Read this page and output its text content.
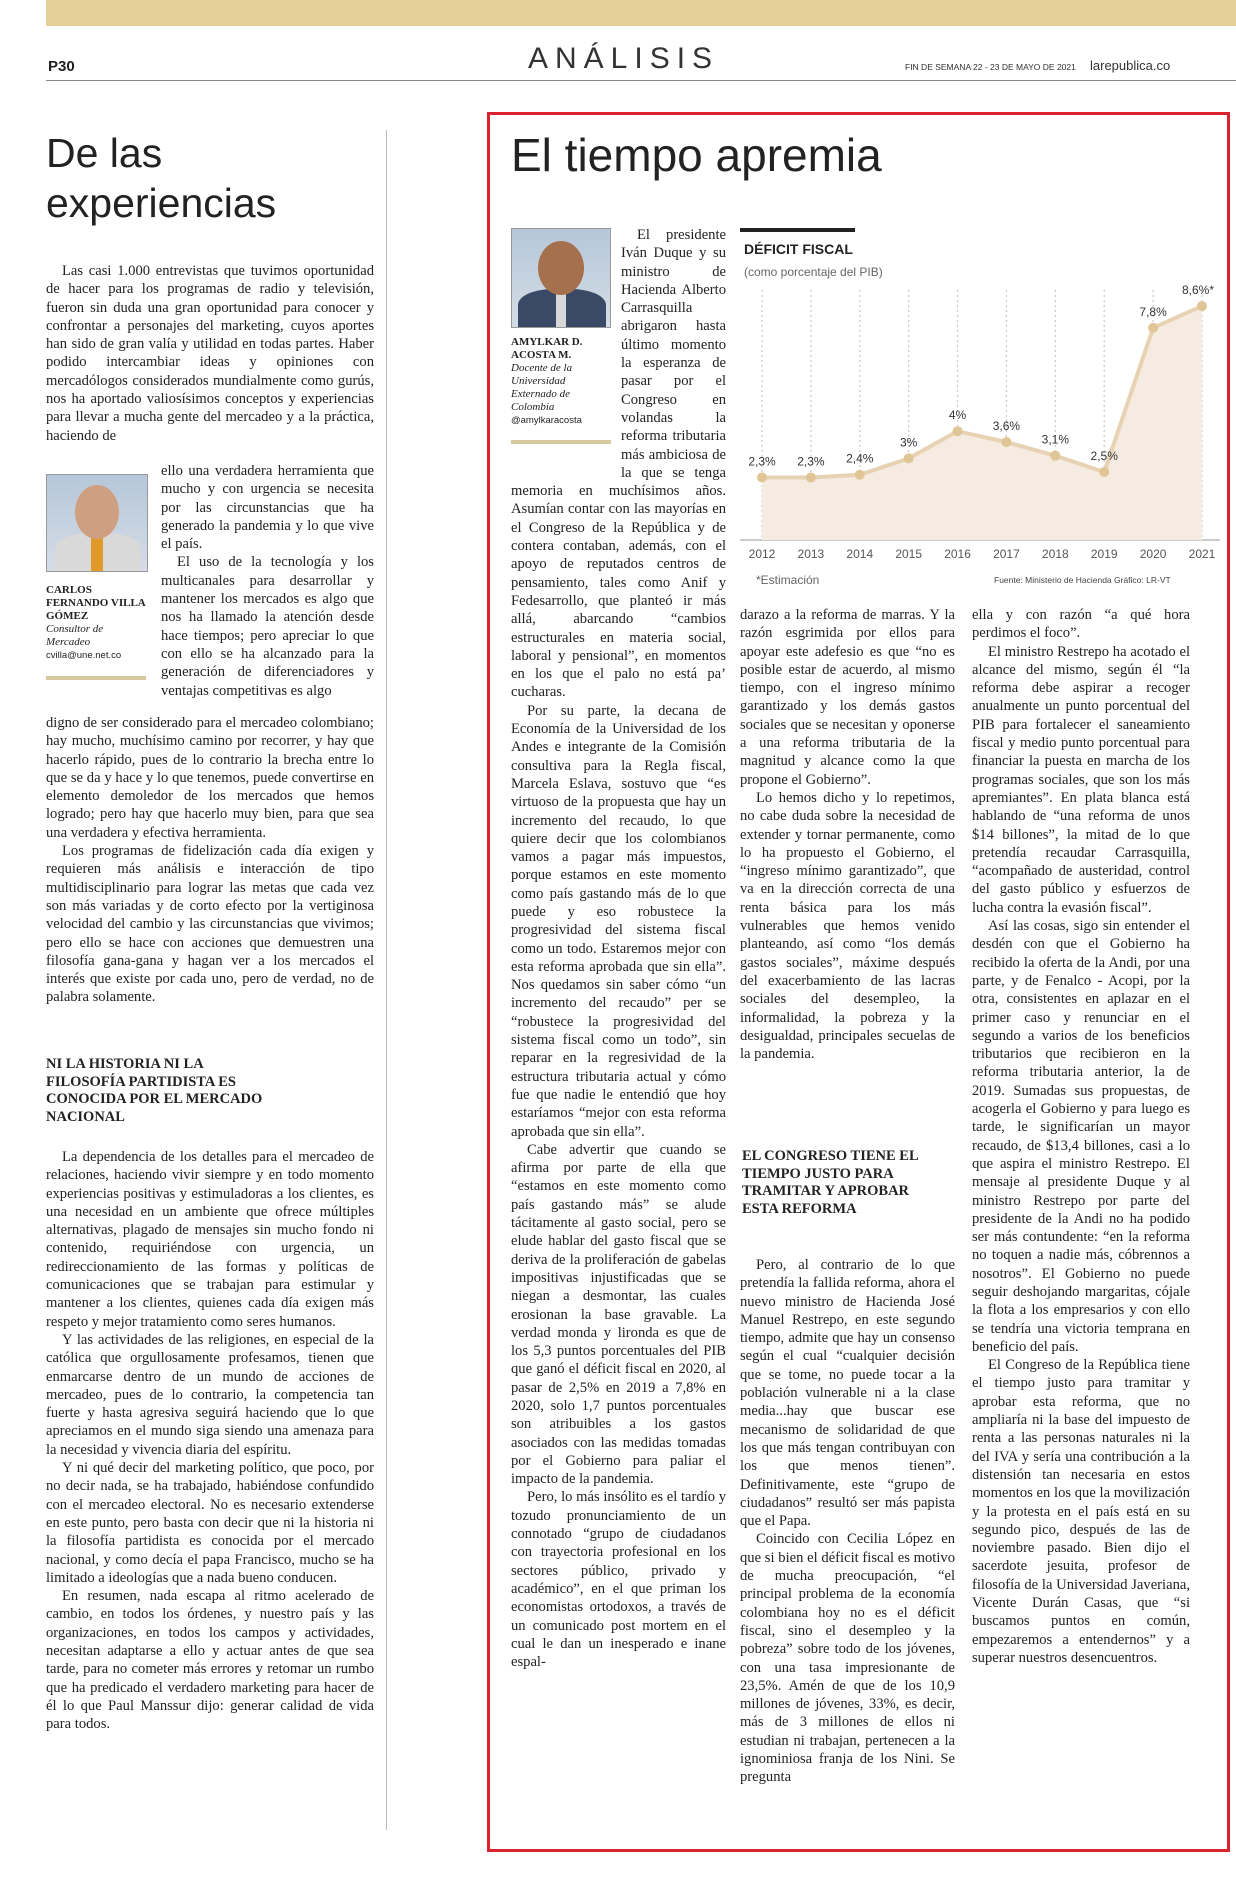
P30	ANÁLISIS	FIN DE SEMANA 22 - 23 DE MAYO DE 2021 larepublica.co
De las experiencias

Las casi 1.000 entrevistas que tuvimos oportunidad de hacer para los programas de radio y televisión, fueron sin duda una gran oportunidad para conocer y confrontar a personajes del marketing, cuyos aportes han sido de gran valía y utilidad en todas partes. Haber podido intercambiar ideas y opiniones con mercadólogos considerados mundialmente como gurús, nos ha aportado valiosísimos conceptos y experiencias para llevar a mucha gente del mercadeo y a la práctica, haciendo de

CARLOS FERNANDO VILLA GÓMEZ
Consultor de Mercadeo
cvilla@une.net.co

ello una verdadera herramienta que mucho y con urgencia se necesita por las circunstancias que ha generado la pandemia y lo que vive el país.

El uso de la tecnología y los multicanales para desarrollar y mantener los mercados es algo que nos ha llamado la atención desde hace tiempos; pero apreciar lo que con ello se ha alcanzado para la generación de diferenciadores y ventajas competitivas es algo

digno de ser considerado para el mercadeo colombiano; hay mucho, muchísimo camino por recorrer, y hay que hacerlo rápido, pues de lo contrario la brecha entre lo que se da y hace y lo que tenemos, puede convertirse en elemento demoledor de los mercados que hemos logrado; pero hay que hacerlo muy bien, para que sea una verdadera y efectiva herramienta.

Los programas de fidelización cada día exigen y requieren más análisis e interacción de tipo multidisciplinario para lograr las metas que cada vez son más variadas y de corto efecto por la vertiginosa velocidad del cambio y las circunstancias que vivimos; pero ello se hace con acciones que demuestren una filosofía gana-gana y hagan ver a los mercados el interés que existe por cada uno, pero de verdad, no de palabra solamente.

NI LA HISTORIA NI LA FILOSOFÍA PARTIDISTA ES CONOCIDA POR EL MERCADO NACIONAL

La dependencia de los detalles para el mercadeo de relaciones, haciendo vivir siempre y en todo momento experiencias positivas y estimuladoras a los clientes, es una necesidad en un ambiente que ofrece múltiples alternativas, plagado de mensajes sin mucho fondo ni contenido, requiriéndose con urgencia, un redireccionamiento de las formas y políticas de comunicaciones que se trabajan para estimular y mantener a los clientes, quienes cada día exigen más respeto y mejor tratamiento como seres humanos.

Y las actividades de las religiones, en especial de la católica que orgullosamente profesamos, tienen que enmarcarse dentro de un mundo de acciones de mercadeo, pues de lo contrario, la competencia tan fuerte y hasta agresiva seguirá haciendo que lo que apreciamos en el mundo siga siendo una amenaza para la necesidad y vivencia diaria del espíritu.

Y ni qué decir del marketing político, que poco, por no decir nada, se ha trabajado, habiéndose confundido con el mercadeo electoral. No es necesario extenderse en este punto, pero basta con decir que ni la historia ni la filosofía partidista es conocida por el mercado nacional, y como decía el papa Francisco, mucho se ha limitado a ideologías que a nada bueno conducen.

En resumen, nada escapa al ritmo acelerado de cambio, en todos los órdenes, y nuestro país y las organizaciones, en todos los campos y actividades, necesitan adaptarse a ello y actuar antes de que sea tarde, para no cometer más errores y retomar un rumbo que ha predicado el verdadero marketing para hacer de él lo que Paul Manssur dijo: generar calidad de vida para todos.

El tiempo apremia
AMYLKAR D. ACOSTA M.
Docente de la Universidad Externado de Colombia
@amylkaracosta

El presidente Iván Duque y su ministro de Hacienda Alberto Carrasquilla abrigaron hasta último momento la esperanza de pasar por el Congreso en volandas la reforma tributaria más ambiciosa de la que se tenga memoria en muchísimos años. Asumían contar con las mayorías en el Congreso de la República y de contera contaban, además, con el apoyo de reputados centros de pensamiento, tales como Anif y Fedesarrollo, que planteó ir más allá, abarcando “cambios estructurales en materia social, laboral y pensional”, en momentos en los que el palo no está pa’ cucharas.

Por su parte, la decana de Economía de la Universidad de los Andes e integrante de la Comisión consultiva para la Regla fiscal, Marcela Eslava, sostuvo que “es virtuoso de la propuesta que hay un incremento del recaudo, lo que quiere decir que los colombianos vamos a pagar más impuestos, porque estamos en este momento como país gastando más de lo que puede y eso robustece la progresividad del sistema fiscal como un todo. Estaremos mejor con esta reforma aprobada que sin ella”. Nos quedamos sin saber cómo “un incremento del recaudo” per se “robustece la progresividad del sistema fiscal como un todo”, sin reparar en la regresividad de la estructura tributaria actual y cómo fue que nadie le entendió que hoy estaríamos “mejor con esta reforma aprobada que sin ella”.

Cabe advertir que cuando se afirma por parte de ella que “estamos en este momento como país gastando más” se alude tácitamente al gasto social, pero se elude hablar del gasto fiscal que se deriva de la proliferación de gabelas impositivas injustificadas que se niegan a desmontar, las cuales erosionan la base gravable. La verdad monda y lironda es que de los 5,3 puntos porcentuales del PIB que ganó el déficit fiscal en 2020, al pasar de 2,5% en 2019 a 7,8% en 2020, solo 1,7 puntos porcentuales son atribuibles a los gastos asociados con las medidas tomadas por el Gobierno para paliar el impacto de la pandemia.

Pero, lo más insólito es el tardío y tozudo pronunciamiento de un connotado “grupo de ciudadanos con trayectoria profesional en los sectores público, privado y académico”, en el que priman los economistas ortodoxos, a través de un comunicado post mortem en el cual le dan un inesperado e inane espal-

DÉFICIT FISCAL
(como porcentaje del PIB)
2,3% 2,3% 2,4%
3%
4%
3,6%
3,1%
2,5%
7,8%
8,6%*
2012 2013 2014 2015 2016 2017 2018 2019 2020 2021
*Estimación	Fuente: Ministerio de Hacienda Gráfico: LR-VT

darazo a la reforma de marras. Y la razón esgrimida por ellos para apoyar este adefesio es que “no es posible estar de acuerdo, al mismo tiempo, con el ingreso mínimo garantizado y los demás gastos sociales que se necesitan y oponerse a una reforma tributaria de la magnitud y alcance como la que propone el Gobierno”.

Lo hemos dicho y lo repetimos, no cabe duda sobre la necesidad de extender y tornar permanente, como lo ha propuesto el Gobierno, el “ingreso mínimo garantizado”, que va en la dirección correcta de una renta básica para los más vulnerables que hemos venido planteando, así como “los demás gastos sociales”, máxime después del exacerbamiento de las lacras sociales del desempleo, la informalidad, la pobreza y la desigualdad, principales secuelas de la pandemia.

EL CONGRESO TIENE EL TIEMPO JUSTO PARA TRAMITAR Y APROBAR ESTA REFORMA

Pero, al contrario de lo que pretendía la fallida reforma, ahora el nuevo ministro de Hacienda José Manuel Restrepo, en este segundo tiempo, admite que hay un consenso según el cual “cualquier decisión que se tome, no puede tocar a la población vulnerable ni a la clase media...hay que buscar ese mecanismo de solidaridad de que los que más tengan contribuyan con los que menos tienen”. Definitivamente, este “grupo de ciudadanos” resultó ser más papista que el Papa.

Coincido con Cecilia López en que si bien el déficit fiscal es motivo de mucha preocupación, “el principal problema de la economía colombiana hoy no es el déficit fiscal, sino el desempleo y la pobreza” sobre todo de los jóvenes, con una tasa impresionante de 23,5%. Amén de que de los 10,9 millones de jóvenes, 33%, es decir, más de 3 millones de ellos ni estudian ni trabajan, pertenecen a la ignominiosa franja de los Nini. Se pregunta

ella y con razón “a qué hora perdimos el foco”.

El ministro Restrepo ha acotado el alcance del mismo, según él “la reforma debe aspirar a recoger anualmente un punto porcentual del PIB para fortalecer el saneamiento fiscal y medio punto porcentual para financiar la puesta en marcha de los programas sociales, que son los más apremiantes”. En plata blanca está hablando de “una reforma de unos $14 billones”, la mitad de lo que pretendía recaudar Carrasquilla, “acompañado de austeridad, control del gasto público y esfuerzos de lucha contra la evasión fiscal”.

Así las cosas, sigo sin entender el desdén con que el Gobierno ha recibido la oferta de la Andi, por una parte, y de Fenalco - Acopi, por la otra, consistentes en aplazar en el primer caso y renunciar en el segundo a varios de los beneficios tributarios que recibieron en la reforma tributaria anterior, la de 2019. Sumadas sus propuestas, de acogerla el Gobierno y para luego es tarde, le significarían un mayor recaudo, de $13,4 billones, casi a lo que aspira el ministro Restrepo. El mensaje al presidente Duque y al ministro Restrepo por parte del presidente de la Andi no ha podido ser más contundente: “en la reforma no toquen a nadie más, cóbrennos a nosotros”. El Gobierno no puede seguir deshojando margaritas, cójale la flota a los empresarios y con ello se tendría una victoria temprana en beneficio del país.

El Congreso de la República tiene el tiempo justo para tramitar y aprobar esta reforma, que no ampliaría ni la base del impuesto de renta a las personas naturales ni la del IVA y sería una contribución a la distensión tan necesaria en estos momentos en los que la movilización y la protesta en el país está en su segundo pico, después de las de noviembre pasado. Bien dijo el sacerdote jesuita, profesor de filosofía de la Universidad Javeriana, Vicente Durán Casas, que “si buscamos puntos en común, empezaremos a entendernos” y a superar nuestros desencuentros.
